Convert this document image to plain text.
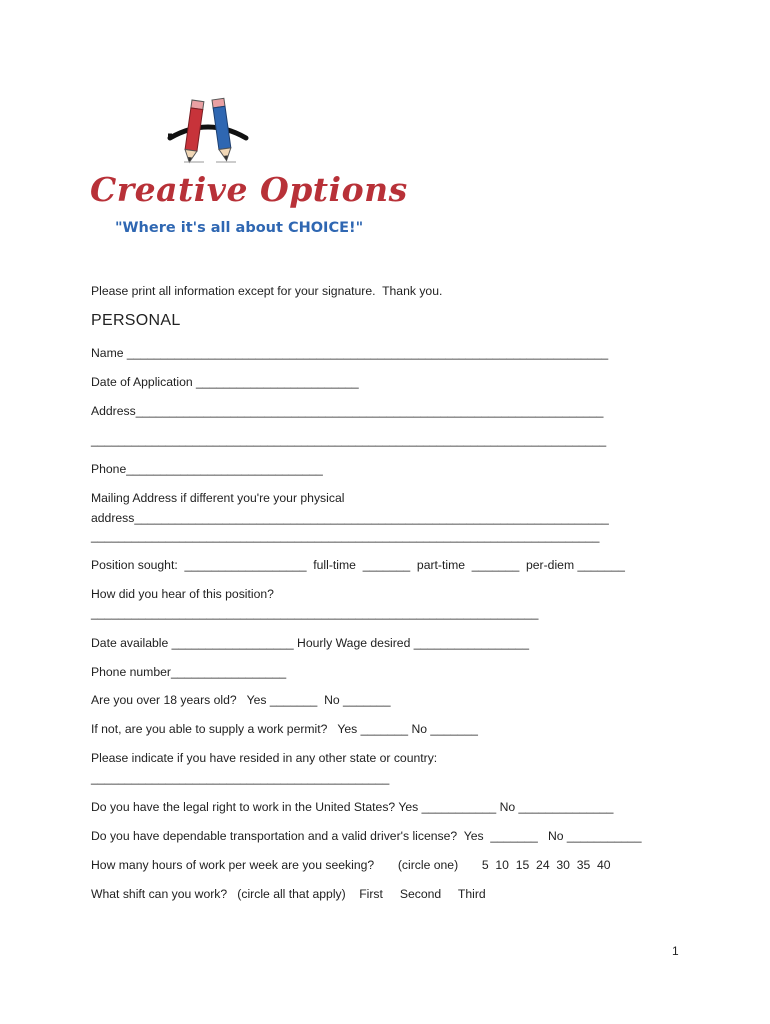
Creative Options
"Where it's all about CHOICE!"
Please print all information except for your signature.  Thank you.
PERSONAL
Name _______________________________________________________________________
Date of Application ________________________
Address_____________________________________________________________________
____________________________________________________________________________
Phone_____________________________
Mailing Address if different you're your physical
address______________________________________________________________________
___________________________________________________________________________
Position sought:  __________________  full-time  _______  part-time  _______  per-diem _______
How did you hear of this position?
__________________________________________________________________
Date available __________________ Hourly Wage desired _________________
Phone number_________________
Are you over 18 years old?   Yes _______  No _______
If not, are you able to supply a work permit?   Yes _______ No _______
Please indicate if you have resided in any other state or country:
____________________________________________
Do you have the legal right to work in the United States? Yes ___________ No ______________
Do you have dependable transportation and a valid driver's license?  Yes  _______   No ___________
How many hours of work per week are you seeking?       (circle one)       5  10  15  24  30  35  40
What shift can you work?   (circle all that apply)    First     Second     Third
1
